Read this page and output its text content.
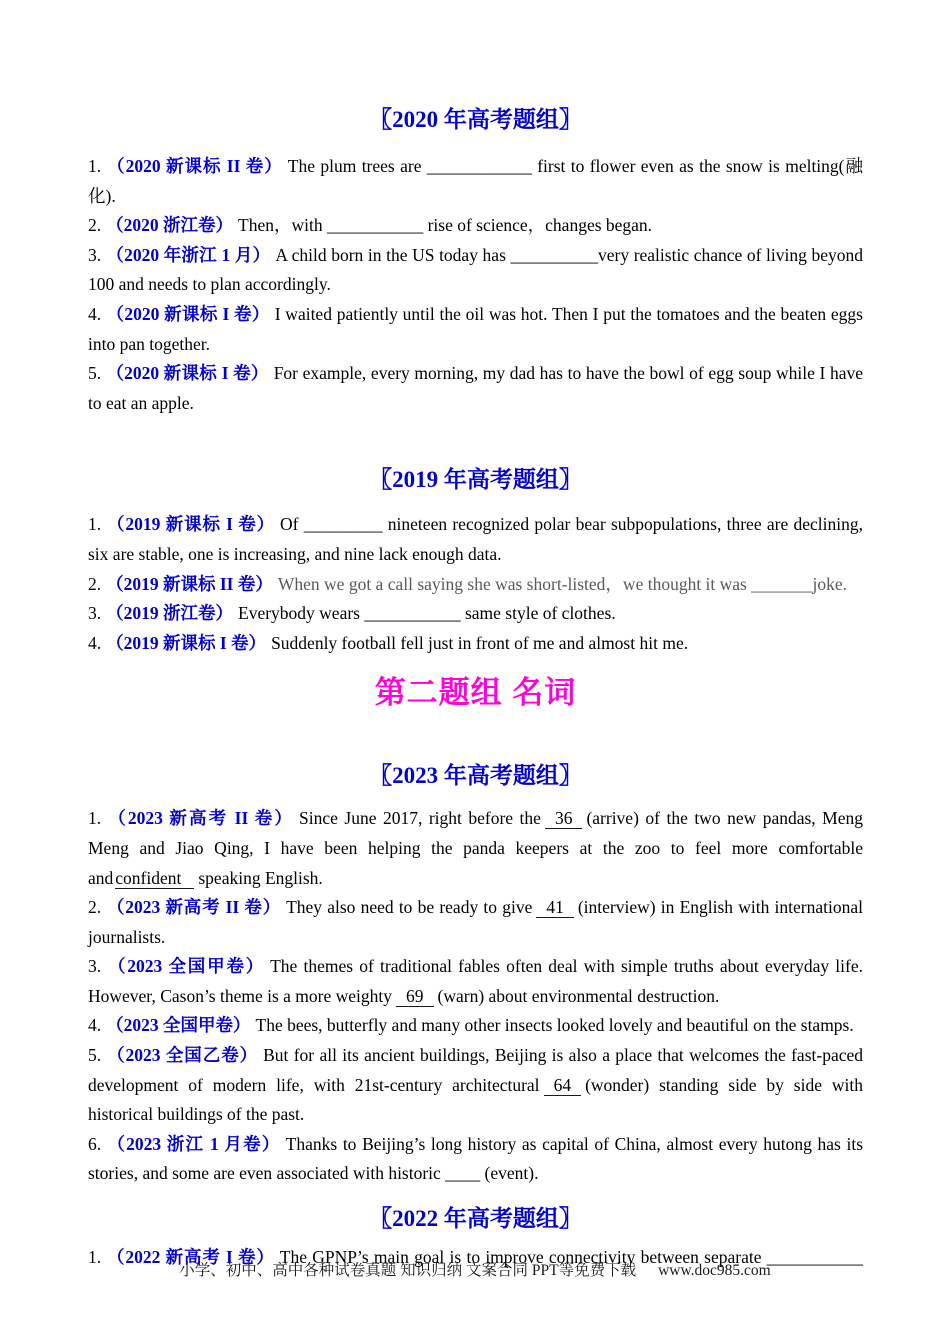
〖2020 年高考题组〗

1. （2020 新课标 II 卷） The plum trees are ____________ first to flower even as the snow is melting(融化).

2. （2020 浙江卷） Then，with ___________ rise of science，changes began.

3. （2020 年浙江 1 月） A child born in the US today has __________very realistic chance of living beyond 100 and needs to plan accordingly.

4. （2020 新课标 I 卷） I waited patiently until the oil was hot. Then I put the tomatoes and the beaten eggs into pan together.

5. （2020 新课标 I 卷） For example, every morning, my dad has to have the bowl of egg soup while I have to eat an apple.

〖2019 年高考题组〗

1. （2019 新课标 I 卷） Of _________ nineteen recognized polar bear subpopulations, three are declining, six are stable, one is increasing, and nine lack enough data.

2. （2019 新课标 II 卷） When we got a call saying she was short-listed，we thought it was _______joke.

3. （2019 浙江卷） Everybody wears ___________ same style of clothes.

4. （2019 新课标 I 卷） Suddenly football fell just in front of me and almost hit me.

第二题组 名词
〖2023 年高考题组〗

1. （2023 新高考 II 卷） Since June 2017, right before the 36 (arrive) of the two new pandas, Meng Meng and Jiao Qing, I have been helping the panda keepers at the zoo to feel more comfortable and confident speaking English.

2. （2023 新高考 II 卷） They also need to be ready to give 41 (interview) in English with international journalists.

3. （2023 全国甲卷） The themes of traditional fables often deal with simple truths about everyday life. However, Cason’s theme is a more weighty 69 (warn) about environmental destruction.

4. （2023 全国甲卷） The bees, butterfly and many other insects looked lovely and beautiful on the stamps.

5. （2023 全国乙卷） But for all its ancient buildings, Beijing is also a place that welcomes the fast-paced development of modern life, with 21st-century architectural 64 (wonder) standing side by side with historical buildings of the past.

6. （2023 浙江 1 月卷） Thanks to Beijing’s long history as capital of China, almost every hutong has its stories, and some are even associated with historic ____ (event).

〖2022 年高考题组〗

1. （2022 新高考 I 卷） The GPNP’s main goal is to improve connectivity between separate ___________

小学、初中、高中各种试卷真题 知识归纳 文案合同 PPT等免费下载 www.doc985.com
